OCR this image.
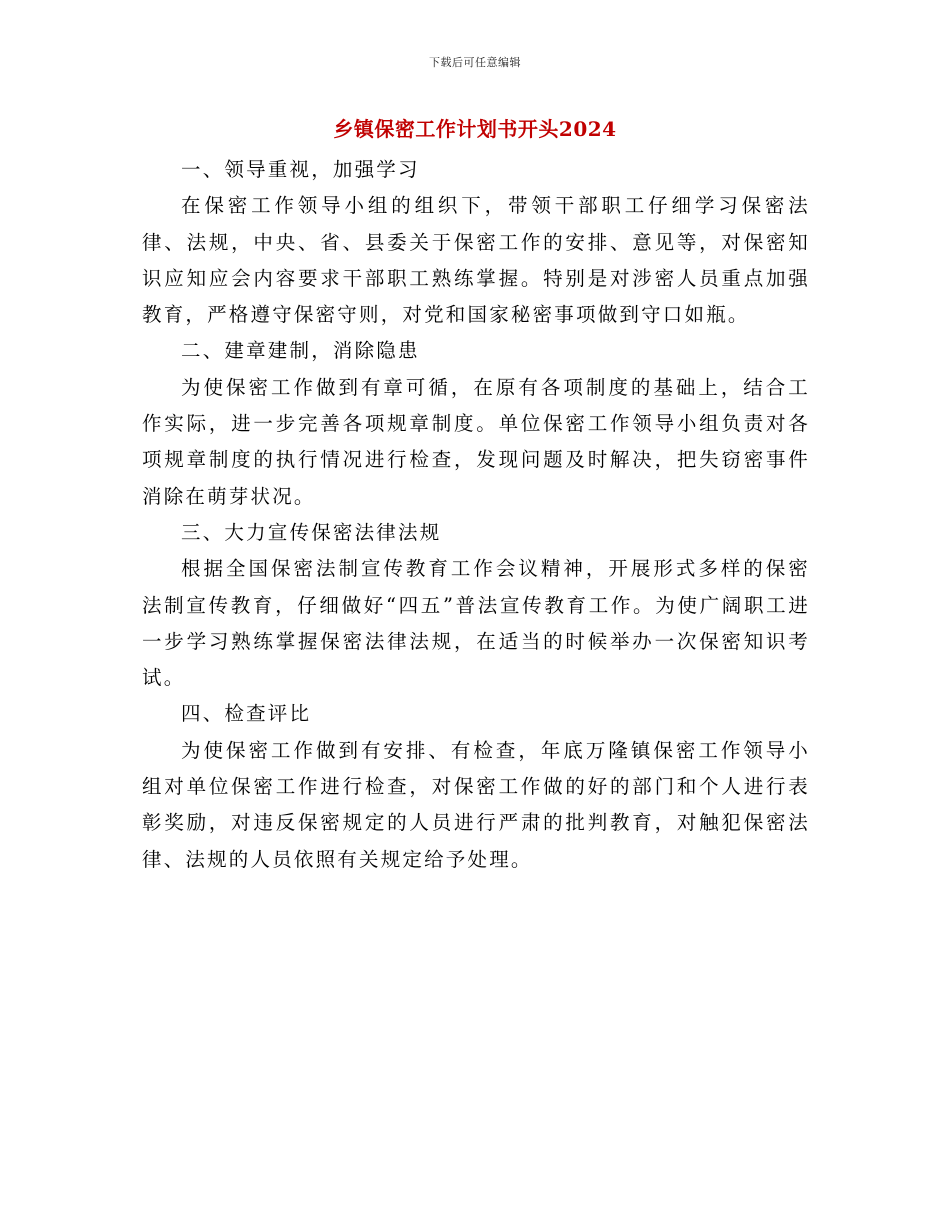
下载后可任意编辑
乡镇保密工作计划书开头2024

一、领导重视，加强学习

在保密工作领导小组的组织下，带领干部职工仔细学习保密法律、法规，中央、省、县委关于保密工作的安排、意见等，对保密知识应知应会内容要求干部职工熟练掌握。特别是对涉密人员重点加强教育，严格遵守保密守则，对党和国家秘密事项做到守口如瓶。

二、建章建制，消除隐患

为使保密工作做到有章可循，在原有各项制度的基础上，结合工作实际，进一步完善各项规章制度。单位保密工作领导小组负责对各项规章制度的执行情况进行检查，发现问题及时解决，把失窃密事件消除在萌芽状况。

三、大力宣传保密法律法规

根据全国保密法制宣传教育工作会议精神，开展形式多样的保密法制宣传教育，仔细做好“四五”普法宣传教育工作。为使广阔职工进一步学习熟练掌握保密法律法规，在适当的时候举办一次保密知识考试。

四、检查评比

为使保密工作做到有安排、有检查，年底万隆镇保密工作领导小组对单位保密工作进行检查，对保密工作做的好的部门和个人进行表彰奖励，对违反保密规定的人员进行严肃的批判教育，对触犯保密法律、法规的人员依照有关规定给予处理。
